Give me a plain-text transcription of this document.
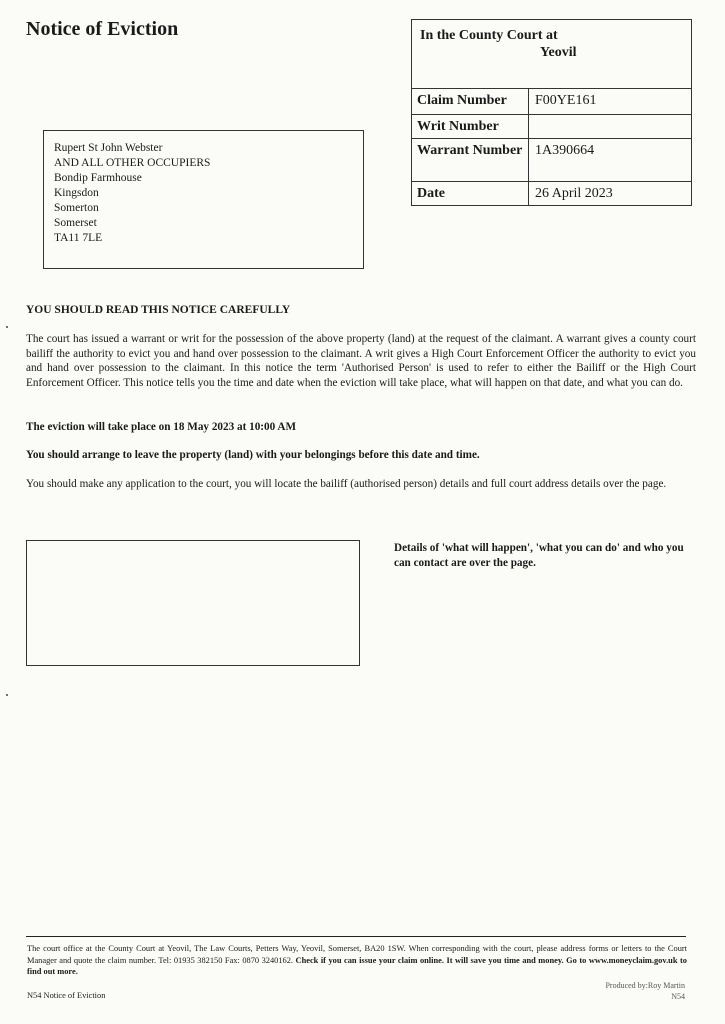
Notice of Eviction	In the County Court at
Yeovil
Claim Number	F00YE161
Writ Number
Warrant Number 1A390664
Date	26 April 2023
Rupert St John Webster
AND ALL OTHER OCCUPIERS
Bondip Farmhouse
Kingsdon
Somerton
Somerset
TA11 7LE
YOU SHOULD READ THIS NOTICE CAREFULLY
The court has issued a warrant or writ for the possession of the above property (land) at the request of the claimant. A warrant gives a county court bailiff the authority to evict you and hand over possession to the claimant. A writ gives a High Court Enforcement Officer the authority to evict you and hand over possession to the claimant. In this notice the term 'Authorised Person' is used to refer to either the Bailiff or the High Court Enforcement Officer. This notice tells you the time and date when the eviction will take place, what will happen on that date, and what you can do.
The eviction will take place on 18 May 2023 at 10:00 AM
You should arrange to leave the property (land) with your belongings before this date and time.
You should make any application to the court, you will locate the bailiff (authorised person) details and full court address details over the page.
Details of 'what will happen', 'what you can do' and who you can contact are over the page.
The court office at the County Court at Yeovil, The Law Courts, Petters Way, Yeovil, Somerset, BA20 1SW. When corresponding with the court, please address forms or letters to the Court Manager and quote the claim number. Tel: 01935 382150 Fax: 0870 3240162. Check if you can issue your claim online. It will save you time and money. Go to www.moneyclaim.gov.uk to find out more.
N54 Notice of Eviction
Produced by:Roy Martin
N54
